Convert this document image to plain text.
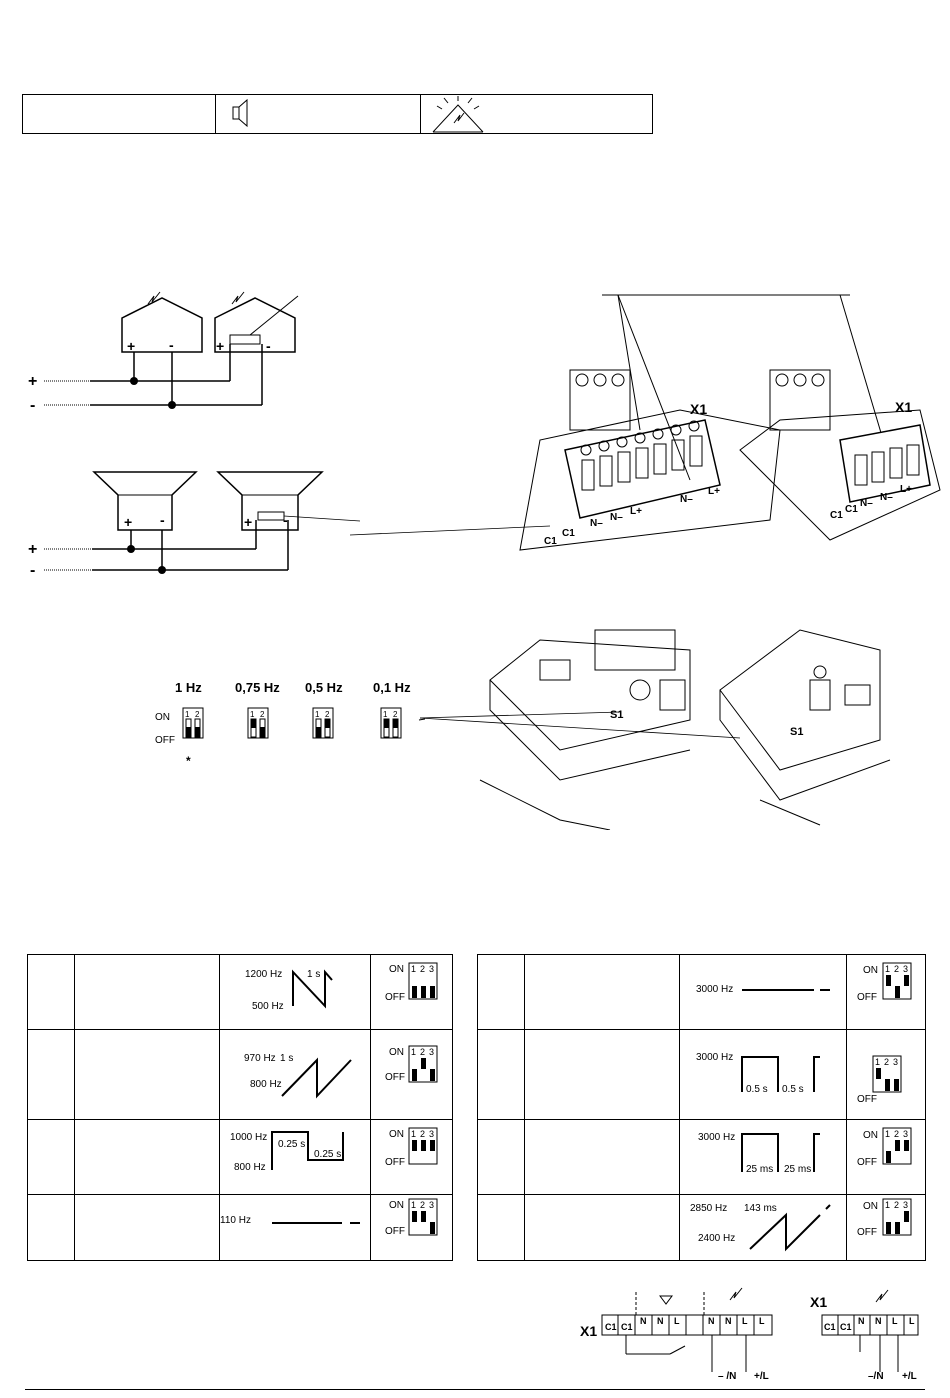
+ -	+	-
+
-
+ -	+ -
+
-
X1
C1
C1
N–
N–
L+
N–
L+
X1
C1
C1
N–
N–
L+
ON
OFF
1 Hz
1 2
*
0,75 Hz
1 2
0,5 Hz
1 2
0,1 Hz
1 2	S1
S1

1200 Hz
500 Hz
1 s	ON
OFF
1 2 3

970 Hz
800 Hz
1 s	ON
OFF
1 2 3

1000 Hz
800 Hz
0.25 s
0.25 s	ON
OFF
1 2 3

110 Hz	ON
OFF
1 2 3

3000 Hz	ON
OFF
1 2 3

3000 Hz
0.5 s 0.5 s	OFF
1 2 3

3000 Hz
25 ms 25 ms	ON
OFF
1 2 3

2850 Hz
2400 Hz
143 ms	ON
OFF
1 2 3
X1 C1 C1
N N L	N N L L
– /N +/L
X1
C1 C1
N N L L
–/N +/L
